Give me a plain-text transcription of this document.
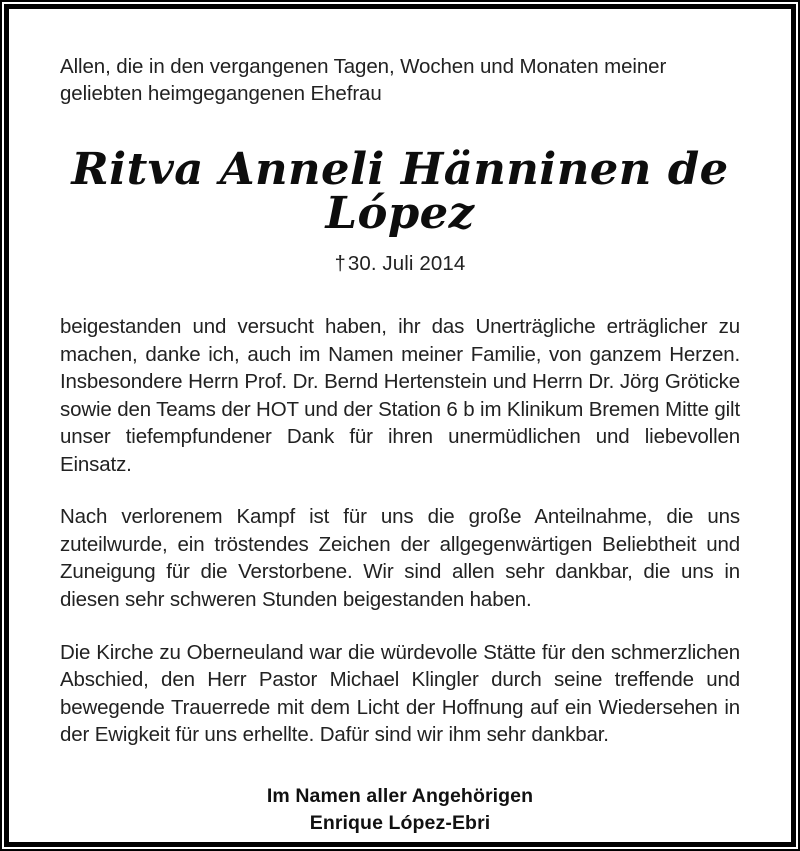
Allen, die in den vergangenen Tagen, Wochen und Monaten meiner geliebten heimgegangenen Ehefrau

Ritva Anneli Hänninen de López

†30. Juli 2014

beigestanden und versucht haben, ihr das Unerträgliche erträglicher zu machen, danke ich, auch im Namen meiner Familie, von ganzem Herzen. Insbesondere Herrn Prof. Dr. Bernd Hertenstein und Herrn Dr. Jörg Gröticke sowie den Teams der HOT und der Station 6 b im Klinikum Bremen Mitte gilt unser tiefempfundener Dank für ihren unermüdlichen und liebevollen Einsatz.

Nach verlorenem Kampf ist für uns die große Anteilnahme, die uns zuteilwurde, ein tröstendes Zeichen der allgegenwärtigen Beliebtheit und Zuneigung für die Verstorbene. Wir sind allen sehr dankbar, die uns in diesen sehr schweren Stunden beigestanden haben.

Die Kirche zu Oberneuland war die würdevolle Stätte für den schmerzlichen Abschied, den Herr Pastor Michael Klingler durch seine treffende und bewegende Trauerrede mit dem Licht der Hoffnung auf ein Wiedersehen in der Ewigkeit für uns erhellte. Dafür sind wir ihm sehr dankbar.

Im Namen aller Angehörigen
Enrique López-Ebri
